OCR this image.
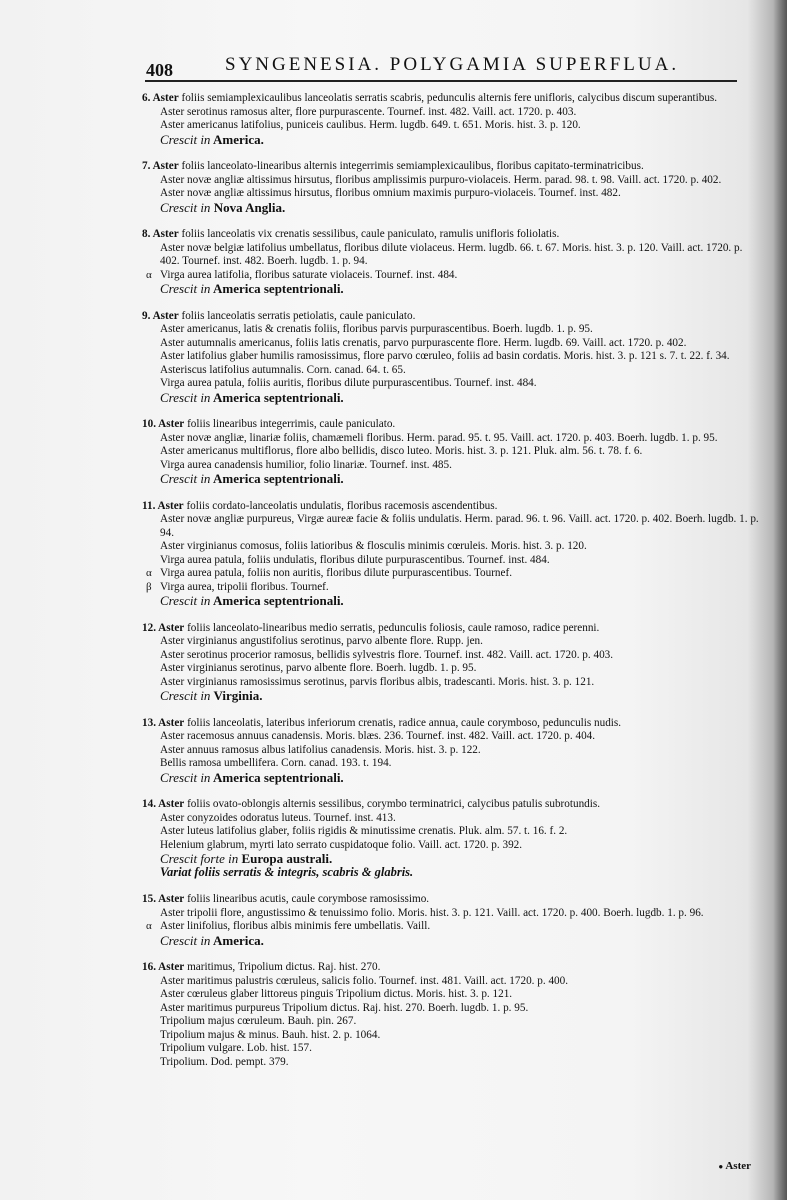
408	SYNGENESIA. POLYGAMIA SUPERFLUA.
6. Aster foliis semiamplexicaulibus lanceolatis serratis scabris, pedunculis alternis fere unifloris, calycibus discum superantibus.
Aster serotinus ramosus alter, flore purpurascente. Tournef. inst. 482. Vaill. act. 1720. p. 403.
Aster americanus latifolius, puniceis caulibus. Herm. lugdb. 649. t. 651. Moris. hist. 3. p. 120.
Crescit in America.
7. Aster foliis lanceolato-linearibus alternis integerrimis semiamplexicaulibus, floribus capitato-terminatricibus.
Aster novæ angliæ altissimus hirsutus, floribus amplissimis purpuro-violaceis. Herm. parad. 98. t. 98. Vaill. act. 1720. p. 402.
Aster novæ angliæ altissimus hirsutus, floribus omnium maximis purpuro-violaceis. Tournef. inst. 482.
Crescit in Nova Anglia.
8. Aster foliis lanceolatis vix crenatis sessilibus, caule paniculato, ramulis unifloris foliolatis.
Aster novæ belgiæ latifolius umbellatus, floribus dilute violaceus. Herm. lugdb. 66. t. 67. Moris. hist. 3. p. 120. Vaill. act. 1720. p. 402. Tournef. inst. 482. Boerh. lugdb. 1. p. 94.
α Virga aurea latifolia, floribus saturate violaceis. Tournef. inst. 484.
Crescit in America septentrionali.
9. Aster foliis lanceolatis serratis petiolatis, caule paniculato.
Aster americanus, latis & crenatis foliis, floribus parvis purpurascentibus. Boerh. lugdb. 1. p. 95.
Aster autumnalis americanus, foliis latis crenatis, parvo purpurascente flore. Herm. lugdb. 69. Vaill. act. 1720. p. 402.
Aster latifolius glaber humilis ramosissimus, flore parvo cœruleo, foliis ad basin cordatis. Moris. hist. 3. p. 121 s. 7. t. 22. f. 34.
Asteriscus latifolius autumnalis. Corn. canad. 64. t. 65.
Virga aurea patula, foliis auritis, floribus dilute purpurascentibus. Tournef. inst. 484.
Crescit in America septentrionali.
10. Aster foliis linearibus integerrimis, caule paniculato.
Aster novæ angliæ, linariæ foliis, chamæmeli floribus. Herm. parad. 95. t. 95. Vaill. act. 1720. p. 403. Boerh. lugdb. 1. p. 95.
Aster americanus multiflorus, flore albo bellidis, disco luteo. Moris. hist. 3. p. 121. Pluk. alm. 56. t. 78. f. 6.
Virga aurea canadensis humilior, folio linariæ. Tournef. inst. 485.
Crescit in America septentrionali.
11. Aster foliis cordato-lanceolatis undulatis, floribus racemosis ascendentibus.
Aster novæ angliæ purpureus, Virgæ aureæ facie & foliis undulatis. Herm. parad. 96. t. 96. Vaill. act. 1720. p. 402. Boerh. lugdb. 1. p. 94.
Aster virginianus comosus, foliis latioribus & flosculis minimis cœruleis. Moris. hist. 3. p. 120.
Virga aurea patula, foliis undulatis, floribus dilute purpurascentibus. Tournef. inst. 484.
α Virga aurea patula, foliis non auritis, floribus dilute purpurascentibus. Tournef.
β Virga aurea, tripolii floribus. Tournef.
Crescit in America septentrionali.
12. Aster foliis lanceolato-linearibus medio serratis, pedunculis foliosis, caule ramoso, radice perenni.
Aster virginianus angustifolius serotinus, parvo albente flore. Rupp. jen.
Aster serotinus procerior ramosus, bellidis sylvestris flore. Tournef. inst. 482. Vaill. act. 1720. p. 403.
Aster virginianus serotinus, parvo albente flore. Boerh. lugdb. 1. p. 95.
Aster virginianus ramosissimus serotinus, parvis floribus albis, tradescanti. Moris. hist. 3. p. 121.
Crescit in Virginia.
13. Aster foliis lanceolatis, lateribus inferiorum crenatis, radice annua, caule corymboso, pedunculis nudis.
Aster racemosus annuus canadensis. Moris. blæs. 236. Tournef. inst. 482. Vaill. act. 1720. p. 404.
Aster annuus ramosus albus latifolius canadensis. Moris. hist. 3. p. 122.
Bellis ramosa umbellifera. Corn. canad. 193. t. 194.
Crescit in America septentrionali.
14. Aster foliis ovato-oblongis alternis sessilibus, corymbo terminatrici, calycibus patulis subrotundis.
Aster conyzoides odoratus luteus. Tournef. inst. 413.
Aster luteus latifolius glaber, foliis rigidis & minutissime crenatis. Pluk. alm. 57. t. 16. f. 2.
Helenium glabrum, myrti lato serrato cuspidatoque folio. Vaill. act. 1720. p. 392.
Crescit forte in Europa australi.
Variat foliis serratis & integris, scabris & glabris.
15. Aster foliis linearibus acutis, caule corymbose ramosissimo.
Aster tripolii flore, angustissimo & tenuissimo folio. Moris. hist. 3. p. 121. Vaill. act. 1720. p. 400. Boerh. lugdb. 1. p. 96.
α Aster linifolius, floribus albis minimis fere umbellatis. Vaill.
Crescit in America.
16. Aster maritimus, Tripolium dictus. Raj. hist. 270.
Aster maritimus palustris cœruleus, salicis folio. Tournef. inst. 481. Vaill. act. 1720. p. 400.
Aster cœruleus glaber littoreus pinguis Tripolium dictus. Moris. hist. 3. p. 121.
Aster maritimus purpureus Tripolium dictus. Raj. hist. 270. Boerh. lugdb. 1. p. 95.
Tripolium majus cœruleum. Bauh. pin. 267.
Tripolium majus & minus. Bauh. hist. 2. p. 1064.
Tripolium vulgare. Lob. hist. 157.
Tripolium. Dod. pempt. 379.
● Aster
